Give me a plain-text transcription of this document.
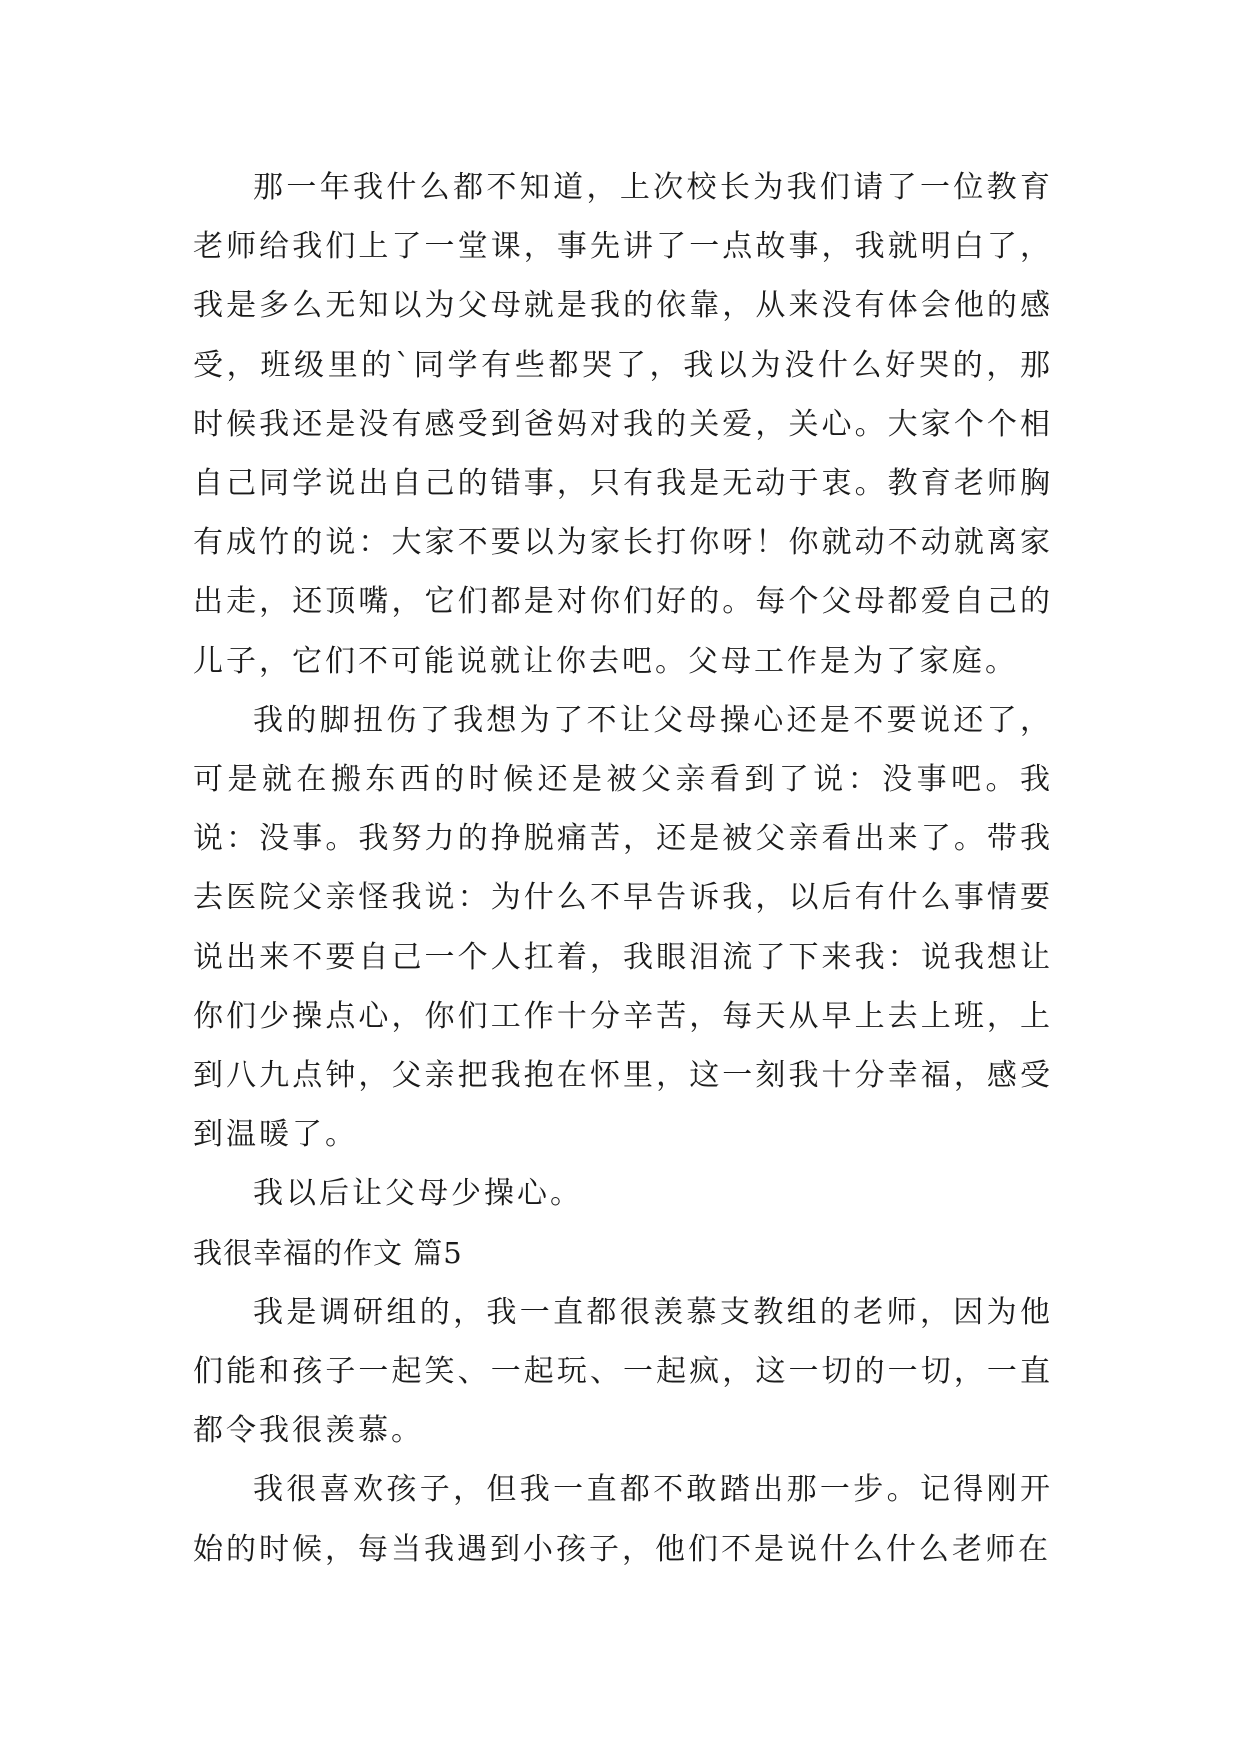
那一年我什么都不知道，上次校长为我们请了一位教育老师给我们上了一堂课，事先讲了一点故事，我就明白了，我是多么无知以为父母就是我的依靠，从来没有体会他的感受，班级里的`同学有些都哭了，我以为没什么好哭的，那时候我还是没有感受到爸妈对我的关爱，关心。大家个个相自己同学说出自己的错事，只有我是无动于衷。教育老师胸有成竹的说：大家不要以为家长打你呀！你就动不动就离家出走，还顶嘴，它们都是对你们好的。每个父母都爱自己的儿子，它们不可能说就让你去吧。父母工作是为了家庭。

我的脚扭伤了我想为了不让父母操心还是不要说还了，可是就在搬东西的时候还是被父亲看到了说：没事吧。我说：没事。我努力的挣脱痛苦，还是被父亲看出来了。带我去医院父亲怪我说：为什么不早告诉我，以后有什么事情要说出来不要自己一个人扛着，我眼泪流了下来我：说我想让你们少操点心，你们工作十分辛苦，每天从早上去上班，上到八九点钟，父亲把我抱在怀里，这一刻我十分幸福，感受到温暖了。

我以后让父母少操心。

我很幸福的作文 篇5

我是调研组的，我一直都很羡慕支教组的老师，因为他们能和孩子一起笑、一起玩、一起疯，这一切的一切，一直都令我很羡慕。

我很喜欢孩子，但我一直都不敢踏出那一步。记得刚开始的时候，每当我遇到小孩子，他们不是说什么什么老师在
